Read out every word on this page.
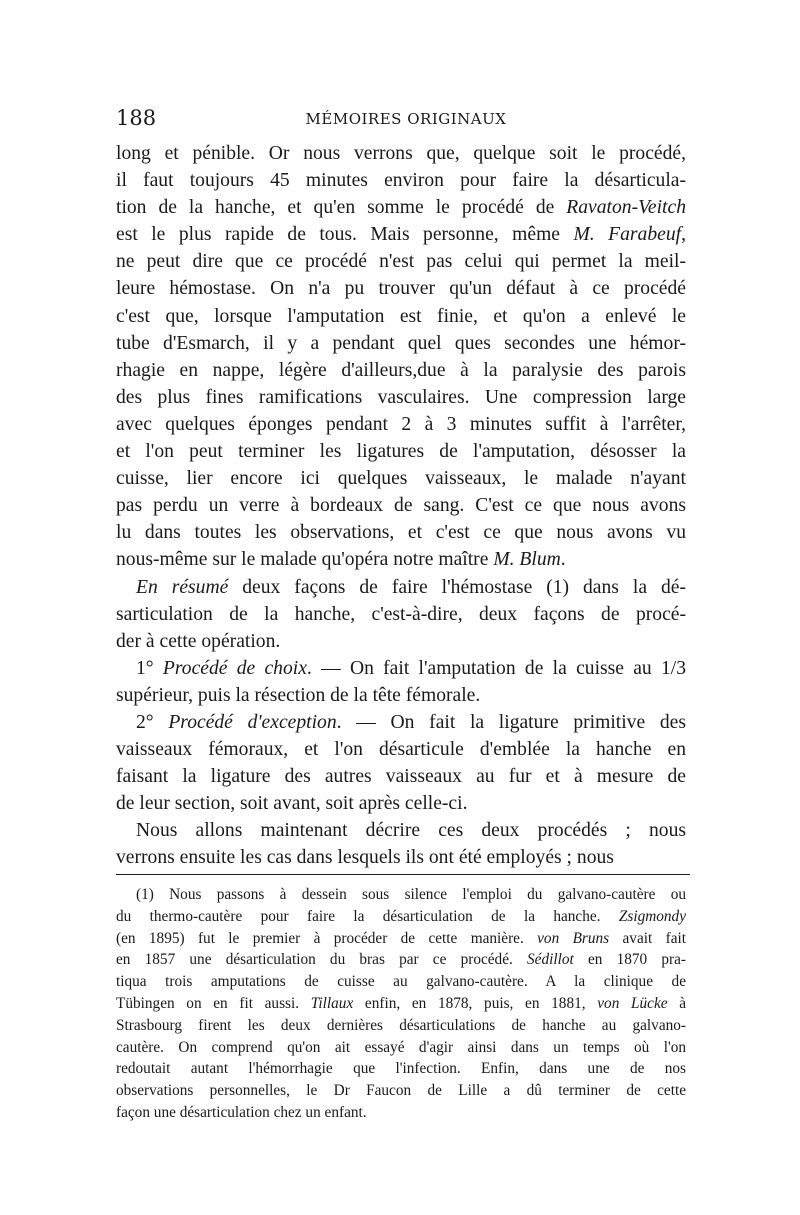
188	MÉMOIRES ORIGINAUX
long et pénible. Or nous verrons que, quelque soit le procédé,
il faut toujours 45 minutes environ pour faire la désarticula-
tion de la hanche, et qu'en somme le procédé de Ravaton-Veitch
est le plus rapide de tous. Mais personne, même M. Farabeuf,
ne peut dire que ce procédé n'est pas celui qui permet la meil-
leure hémostase. On n'a pu trouver qu'un défaut à ce procédé
c'est que, lorsque l'amputation est finie, et qu'on a enlevé le
tube d'Esmarch, il y a pendant quel ques secondes une hémor-
rhagie en nappe, légère d'ailleurs,due à la paralysie des parois
des plus fines ramifications vasculaires. Une compression large
avec quelques éponges pendant 2 à 3 minutes suffit à l'arrêter,
et l'on peut terminer les ligatures de l'amputation, désosser la
cuisse, lier encore ici quelques vaisseaux, le malade n'ayant
pas perdu un verre à bordeaux de sang. C'est ce que nous avons
lu dans toutes les observations, et c'est ce que nous avons vu
nous-même sur le malade qu'opéra notre maître M. Blum.
En résumé deux façons de faire l'hémostase (1) dans la dé-
sarticulation de la hanche, c'est-à-dire, deux façons de procé-
der à cette opération.
1° Procédé de choix. — On fait l'amputation de la cuisse au 1/3
supérieur, puis la résection de la tête fémorale.
2° Procédé d'exception. — On fait la ligature primitive des
vaisseaux fémoraux, et l'on désarticule d'emblée la hanche en
faisant la ligature des autres vaisseaux au fur et à mesure de
de leur section, soit avant, soit après celle-ci.
Nous allons maintenant décrire ces deux procédés ; nous
verrons ensuite les cas dans lesquels ils ont été employés ; nous
(1) Nous passons à dessein sous silence l'emploi du galvano-cautère ou
du thermo-cautère pour faire la désarticulation de la hanche. Zsigmondy
(en 1895) fut le premier à procéder de cette manière. von Bruns avait fait
en 1857 une désarticulation du bras par ce procédé. Sédillot en 1870 pra-
tiqua trois amputations de cuisse au galvano-cautère. A la clinique de
Tübingen on en fit aussi. Tillaux enfin, en 1878, puis, en 1881, von Lücke à
Strasbourg firent les deux dernières désarticulations de hanche au galvano-
cautère. On comprend qu'on ait essayé d'agir ainsi dans un temps où l'on
redoutait autant l'hémorrhagie que l'infection. Enfin, dans une de nos
observations personnelles, le Dr Faucon de Lille a dû terminer de cette
façon une désarticulation chez un enfant.
